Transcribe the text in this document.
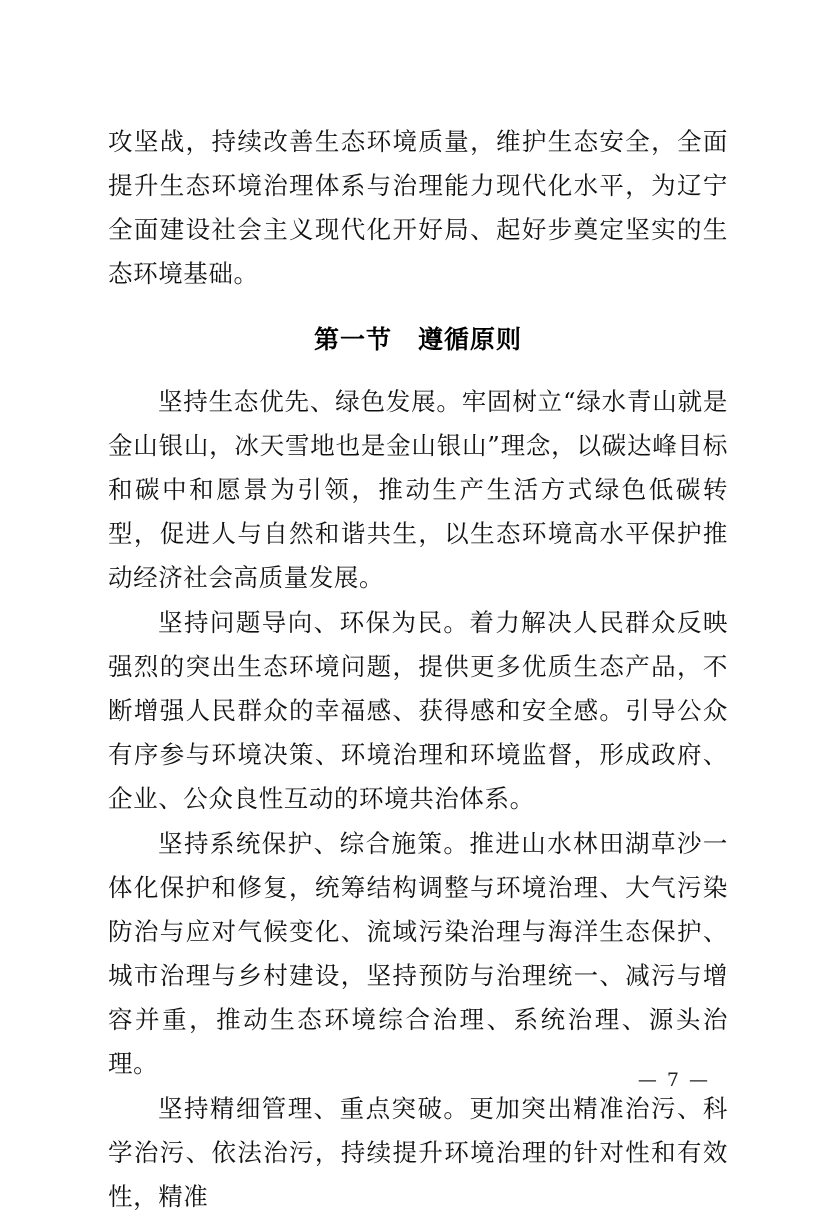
攻坚战，持续改善生态环境质量，维护生态安全，全面提升生态环境治理体系与治理能力现代化水平，为辽宁全面建设社会主义现代化开好局、起好步奠定坚实的生态环境基础。

第一节 遵循原则

坚持生态优先、绿色发展。牢固树立“绿水青山就是金山银山，冰天雪地也是金山银山”理念，以碳达峰目标和碳中和愿景为引领，推动生产生活方式绿色低碳转型，促进人与自然和谐共生，以生态环境高水平保护推动经济社会高质量发展。

坚持问题导向、环保为民。着力解决人民群众反映强烈的突出生态环境问题，提供更多优质生态产品，不断增强人民群众的幸福感、获得感和安全感。引导公众有序参与环境决策、环境治理和环境监督，形成政府、企业、公众良性互动的环境共治体系。

坚持系统保护、综合施策。推进山水林田湖草沙一体化保护和修复，统筹结构调整与环境治理、大气污染防治与应对气候变化、流域污染治理与海洋生态保护、城市治理与乡村建设，坚持预防与治理统一、减污与增容并重，推动生态环境综合治理、系统治理、源头治理。

坚持精细管理、重点突破。更加突出精准治污、科学治污、依法治污，持续提升环境治理的针对性和有效性，精准

— 7 —
